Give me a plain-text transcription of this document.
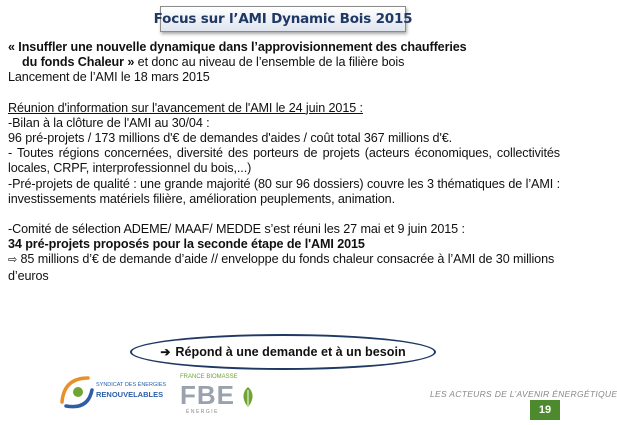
Focus sur l’AMI Dynamic Bois 2015

« Insuffler une nouvelle dynamique dans l’approvisionnement des chaufferies

du fonds Chaleur » et donc au niveau de l’ensemble de la filière bois

Lancement de l’AMI le 18 mars 2015

Réunion d'information sur l'avancement de l'AMI le 24 juin 2015 :

-Bilan à la clôture de l'AMI au 30/04 :

96 pré-projets / 173 millions d'€ de demandes d'aides / coût total 367 millions d'€.

- Toutes régions concernées, diversité des porteurs de projets (acteurs économiques, collectivités locales, CRPF, interprofessionnel du bois,...)

-Pré-projets de qualité : une grande majorité (80 sur 96 dossiers) couvre les 3 thématiques de l’AMI : investissements matériels filière, amélioration peuplements, animation.

-Comité de sélection ADEME/ MAAF/ MEDDE s’est réuni les 27 mai et 9 juin 2015 :

34 pré-projets proposés pour la seconde étape de l'AMI 2015

⇨ 85 millions d’€ de demande d’aide // enveloppe du fonds chaleur consacrée à l’AMI de 30 millions d’euros

➔ Répond à une demande et à un besoin
SYNDICAT DES ÉNERGIES
RENOUVELABLES
FRANCE BIOMASSE
FBE
ÉNERGIE
LES ACTEURS DE L’AVENIR ÉNERGÉTIQUE
19
